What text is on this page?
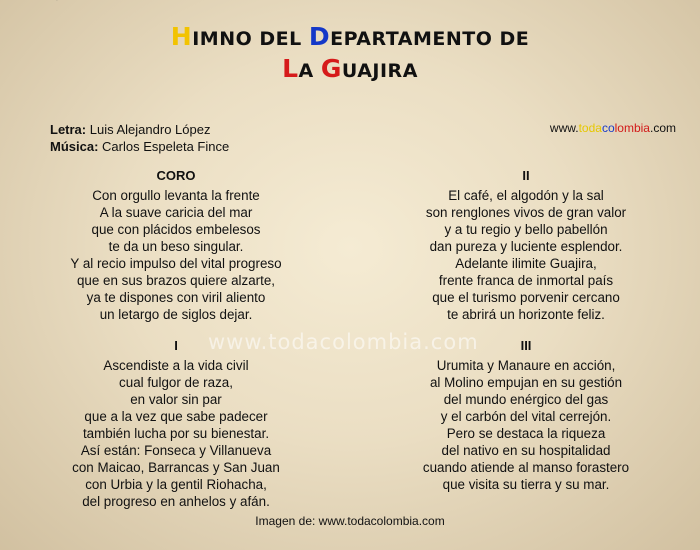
'
HIMNO DEL DEPARTAMENTO DE
LA GUAJIRA
Letra: Luis Alejandro López
Música: Carlos Espeleta Fince
www.todacolombia.com
CORO
Con orgullo levanta la frente
A la suave caricia del mar
que con plácidos embelesos
te da un beso singular.
Y al recio impulso del vital progreso
que en sus brazos quiere alzarte,
ya te dispones con viril aliento
un letargo de siglos dejar.
I
Ascendiste a la vida civil
cual fulgor de raza,
en valor sin par
que a la vez que sabe padecer
también lucha por su bienestar.
Así están: Fonseca y Villanueva
con Maicao, Barrancas y San Juan
con Urbia y la gentil Riohacha,
del progreso en anhelos y afán.
II
El café, el algodón y la sal
son renglones vivos de gran valor
y a tu regio y bello pabellón
dan pureza y luciente esplendor.
Adelante ilimite Guajira,
frente franca de inmortal país
que el turismo porvenir cercano
te abrirá un horizonte feliz.
III
Urumita y Manaure en acción,
al Molino empujan en su gestión
del mundo enérgico del gas
y el carbón del vital cerrejón.
Pero se destaca la riqueza
del nativo en su hospitalidad
cuando atiende al manso forastero
que visita su tierra y su mar.
www.todacolombia.com
Imagen de: www.todacolombia.com
